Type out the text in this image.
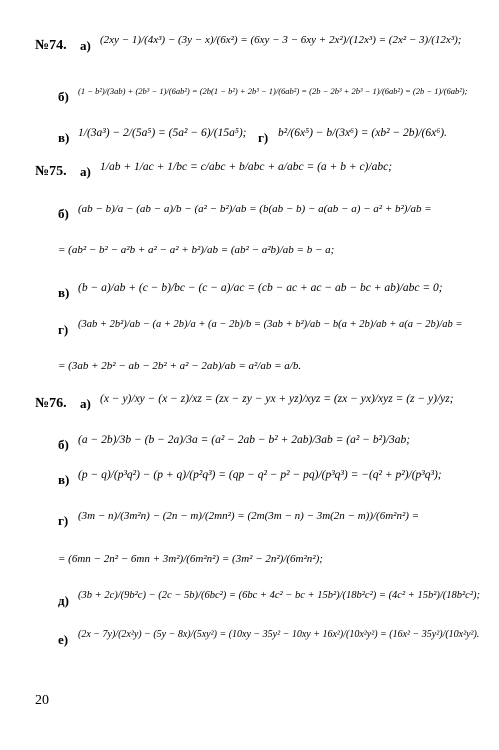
№74. а) (2xy − 1)/(4x³) − (3y − x)/(6x²) = (6xy − 3 − 6xy + 2x²)/(12x³) = (2x² − 3)/(12x³);
б) (1 − b²)/(3ab) + (2b³ − 1)/(6ab²) = (2b(1 − b²) + 2b³ − 1)/(6ab²) = (2b − 2b³ + 2b³ − 1)/(6ab²) = (2b − 1)/(6ab²);
в) 1/(3a³) − 2/(5a⁵) = (5a² − 6)/(15a⁵); г) b²/(6x⁵) − b/(3x⁶) = (xb² − 2b)/(6x⁶).
№75. а) 1/ab + 1/ac + 1/bc = c/abc + b/abc + a/abc = (a + b + c)/abc;
б) (ab − b)/a − (ab − a)/b − (a² − b²)/ab = (b(ab − b) − a(ab − a) − a² + b²)/ab =
= (ab² − b² − a²b + a² − a² + b²)/ab = (ab² − a²b)/ab = b − a;
в) (b − a)/ab + (c − b)/bc − (c − a)/ac = (cb − ac + ac − ab − bc + ab)/abc = 0;
г) (3ab + 2b²)/ab − (a + 2b)/a + (a − 2b)/b = (3ab + b²)/ab − b(a + 2b)/ab + a(a − 2b)/ab =
= (3ab + 2b² − ab − 2b² + a² − 2ab)/ab = a²/ab = a/b.
№76. а) (x − y)/xy − (x − z)/xz = (zx − zy − yx + yz)/xyz = (zx − yx)/xyz = (z − y)/yz;
б) (a − 2b)/3b − (b − 2a)/3a = (a² − 2ab − b² + 2ab)/3ab = (a² − b²)/3ab;
в) (p − q)/(p³q²) − (p + q)/(p²q³) = (qp − q² − p² − pq)/(p³q³) = −(q² + p²)/(p³q³);
г) (3m − n)/(3m²n) − (2n − m)/(2mn²) = (2m(3m − n) − 3m(2n − m))/(6m²n²) =
= (6mn − 2n² − 6mn + 3m²)/(6m²n²) = (3m² − 2n²)/(6m²n²);
д) (3b + 2c)/(9b²c) − (2c − 5b)/(6bc²) = (6bc + 4c² − bc + 15b²)/(18b²c²) = (4c² + 15b²)/(18b²c²);
е) (2x − 7y)/(2x²y) − (5y − 8x)/(5xy²) = (10xy − 35y² − 10xy + 16x²)/(10x²y²) = (16x² − 35y²)/(10x²y²).
20
